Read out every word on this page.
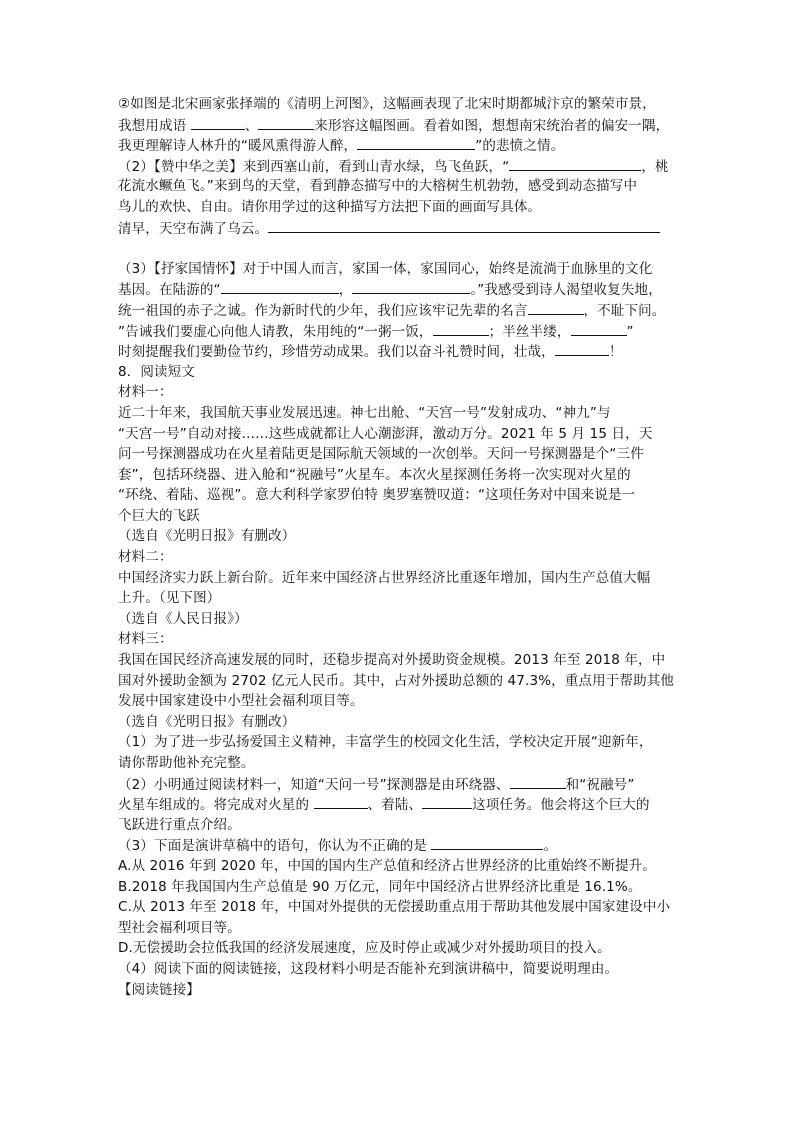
②如图是北宋画家张择端的《清明上河图》，这幅画表现了北宋时期都城汴京的繁荣市景，
我想用成语	、	来形容这幅图画。看着如图，想想南宋统治者的偏安一隅，
我更理解诗人林升的“暖风熏得游人醉，	”的悲愤之情。
（2）【赞中华之美】来到西塞山前，看到山青水绿，鸟飞鱼跃，“	，桃
花流水鳜鱼飞。”来到鸟的天堂，看到静态描写中的大榕树生机勃勃，感受到动态描写中
鸟儿的欢快、自由。请你用学过的这种描写方法把下面的画面写具体。
清早，天空布满了乌云。
（3）【抒家国情怀】对于中国人而言，家国一体，家国同心，始终是流淌于血脉里的文化
基因。在陆游的“	，	。”我感受到诗人渴望收复失地，
统一祖国的赤子之诚。作为新时代的少年，我们应该牢记先辈的名言	，不耻下问。
”告诫我们要虚心向他人请教，朱用纯的“一粥一饭，	；半丝半缕，	”
时刻提醒我们要勤俭节约，珍惜劳动成果。我们以奋斗礼赞时间，壮哉，	！
8．阅读短文
材料一：
近二十年来，我国航天事业发展迅速。神七出舱、“天宫一号”发射成功、“神九”与
“天宫一号”自动对接……这些成就都让人心潮澎湃，激动万分。2021 年 5 月 15 日，天
问一号探测器成功在火星着陆更是国际航天领域的一次创举。天问一号探测器是个“三件
套”，包括环绕器、进入舱和“祝融号”火星车。本次火星探测任务将一次实现对火星的
“环绕、着陆、巡视”。意大利科学家罗伯特 奥罗塞赞叹道：“这项任务对中国来说是一
个巨大的飞跃
（选自《光明日报》有删改）
材料二：
中国经济实力跃上新台阶。近年来中国经济占世界经济比重逐年增加，国内生产总值大幅
上升。（见下图）
（选自《人民日报》）
材料三：
我国在国民经济高速发展的同时，还稳步提高对外援助资金规模。2013 年至 2018 年，中
国对外援助金额为 2702 亿元人民币。其中，占对外援助总额的 47.3%，重点用于帮助其他
发展中国家建设中小型社会福利项目等。
（选自《光明日报》有删改）
（1）为了进一步弘扬爱国主义精神，丰富学生的校园文化生活，学校决定开展“迎新年，
请你帮助他补充完整。
（2）小明通过阅读材料一，知道“天问一号”探测器是由环绕器、	和“祝融号”
火星车组成的。将完成对火星的	、着陆、	这项任务。他会将这个巨大的
飞跃进行重点介绍。
（3）下面是演讲草稿中的语句，你认为不正确的是	。
A.从 2016 年到 2020 年，中国的国内生产总值和经济占世界经济的比重始终不断提升。
B.2018 年我国国内生产总值是 90 万亿元，同年中国经济占世界经济比重是 16.1%。
C.从 2013 年至 2018 年，中国对外提供的无偿援助重点用于帮助其他发展中国家建设中小
型社会福利项目等。
D.无偿援助会拉低我国的经济发展速度，应及时停止或减少对外援助项目的投入。
（4）阅读下面的阅读链接，这段材料小明是否能补充到演讲稿中，简要说明理由。
【阅读链接】
